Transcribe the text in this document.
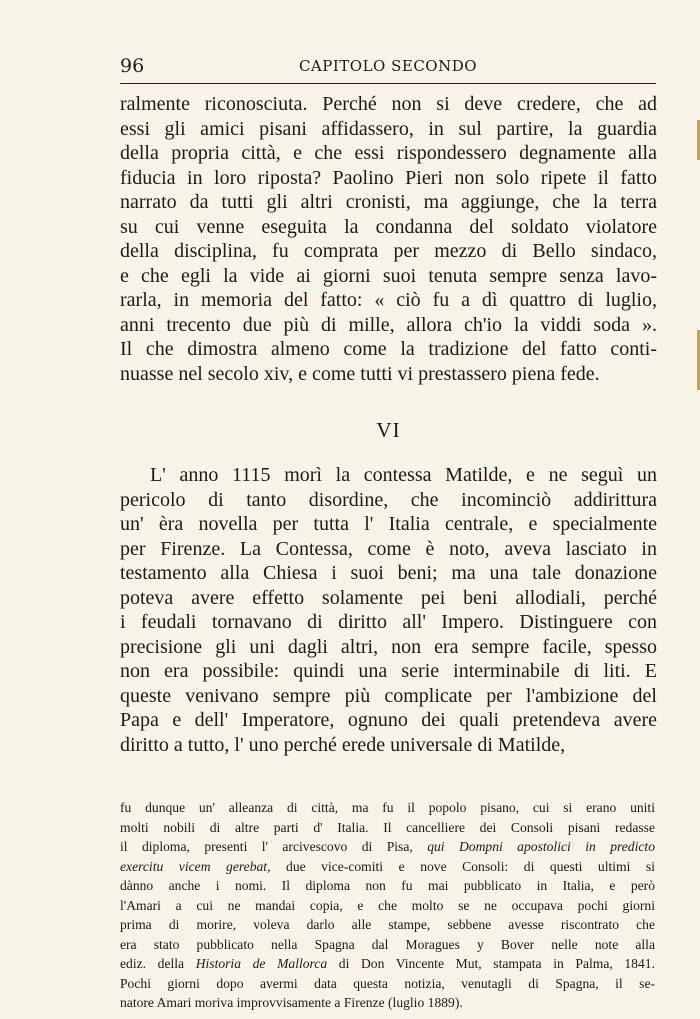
96	CAPITOLO SECONDO
ralmente riconosciuta. Perché non si deve credere, che ad
essi gli amici pisani affidassero, in sul partire, la guardia
della propria città, e che essi rispondessero degnamente alla
fiducia in loro riposta? Paolino Pieri non solo ripete il fatto
narrato da tutti gli altri cronisti, ma aggiunge, che la terra
su cui venne eseguita la condanna del soldato violatore
della disciplina, fu comprata per mezzo di Bello sindaco,
e che egli la vide ai giorni suoi tenuta sempre senza lavo-
rarla, in memoria del fatto: « ciò fu a dì quattro di luglio,
anni trecento due più di mille, allora ch'io la viddi soda ».
Il che dimostra almeno come la tradizione del fatto conti-
nuasse nel secolo xiv, e come tutti vi prestassero piena fede.
VI
L' anno 1115 morì la contessa Matilde, e ne seguì un
pericolo di tanto disordine, che incominciò addirittura
un' èra novella per tutta l' Italia centrale, e specialmente
per Firenze. La Contessa, come è noto, aveva lasciato in
testamento alla Chiesa i suoi beni; ma una tale donazione
poteva avere effetto solamente pei beni allodiali, perché
i feudali tornavano di diritto all' Impero. Distinguere con
precisione gli uni dagli altri, non era sempre facile, spesso
non era possibile: quindi una serie interminabile di liti. E
queste venivano sempre più complicate per l'ambizione del
Papa e dell' Imperatore, ognuno dei quali pretendeva avere
diritto a tutto, l' uno perché erede universale di Matilde,
fu dunque un' alleanza di città, ma fu il popolo pisano, cui si erano uniti
molti nobili di altre parti d' Italia. Il cancelliere dei Consoli pisani redasse
il diploma, presenti l' arcivescovo di Pisa, qui Dompni apostolici in predicto
exercitu vicem gerebat, due vice-comiti e nove Consoli: di questi ultimi si
dànno anche i nomi. Il diploma non fu mai pubblicato in Italia, e però
l'Amari a cui ne mandai copia, e che molto se ne occupava pochi giorni
prima di morire, voleva darlo alle stampe, sebbene avesse riscontrato che
era stato pubblicato nella Spagna dal Moragues y Bover nelle note alla
ediz. della Historia de Mallorca di Don Vincente Mut, stampata in Palma, 1841.
Pochi giorni dopo avermi data questa notizia, venutagli di Spagna, il se-
natore Amari moriva improvvisamente a Firenze (luglio 1889).
